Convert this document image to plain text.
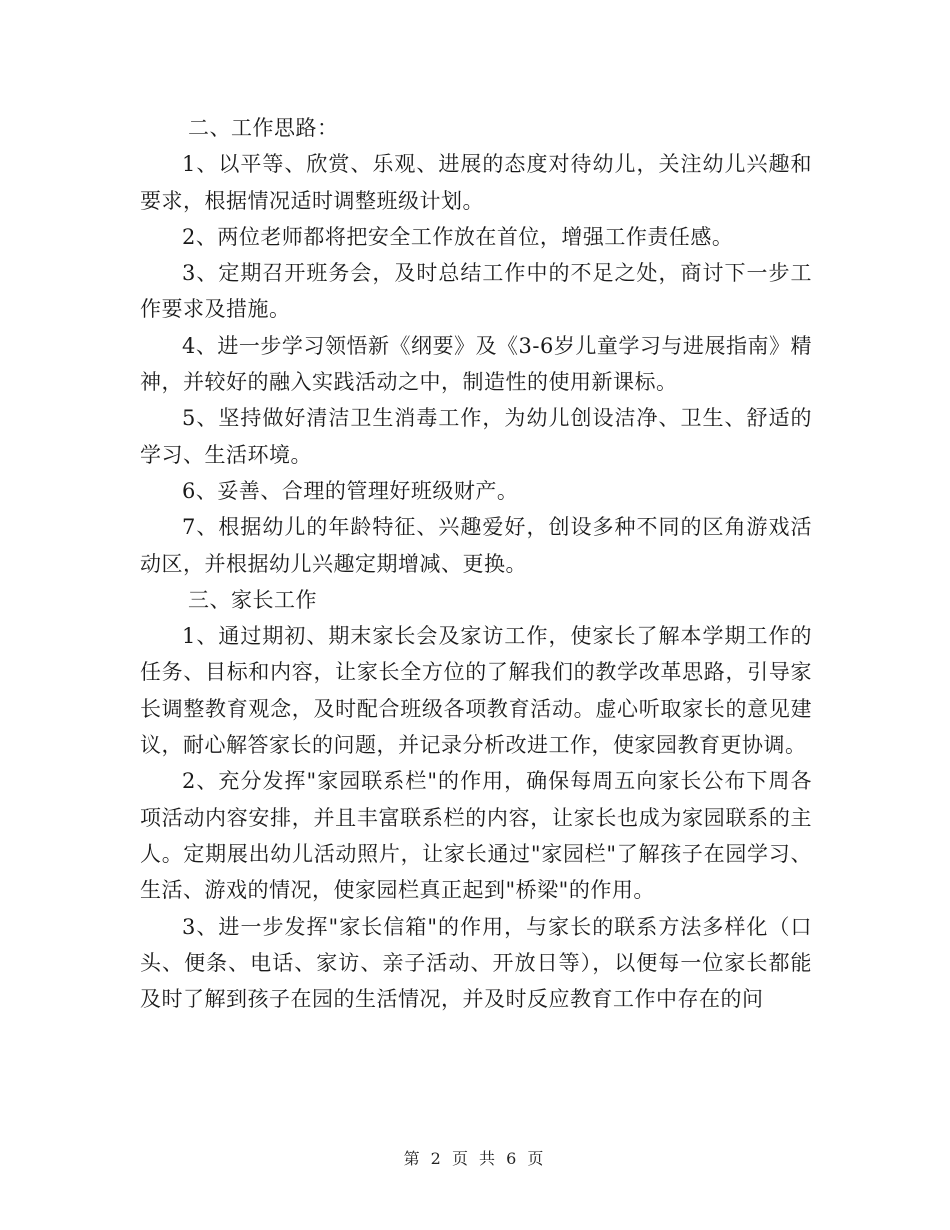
二、工作思路：

1、以平等、欣赏、乐观、进展的态度对待幼儿，关注幼儿兴趣和要求，根据情况适时调整班级计划。

2、两位老师都将把安全工作放在首位，增强工作责任感。

3、定期召开班务会，及时总结工作中的不足之处，商讨下一步工作要求及措施。

4、进一步学习领悟新《纲要》及《3-6岁儿童学习与进展指南》精神，并较好的融入实践活动之中，制造性的使用新课标。

5、坚持做好清洁卫生消毒工作，为幼儿创设洁净、卫生、舒适的学习、生活环境。

6、妥善、合理的管理好班级财产。

7、根据幼儿的年龄特征、兴趣爱好，创设多种不同的区角游戏活动区，并根据幼儿兴趣定期增减、更换。

三、家长工作

1、通过期初、期末家长会及家访工作，使家长了解本学期工作的任务、目标和内容，让家长全方位的了解我们的教学改革思路，引导家长调整教育观念，及时配合班级各项教育活动。虚心听取家长的意见建议，耐心解答家长的问题，并记录分析改进工作，使家园教育更协调。

2、充分发挥"家园联系栏"的作用，确保每周五向家长公布下周各项活动内容安排，并且丰富联系栏的内容，让家长也成为家园联系的主人。定期展出幼儿活动照片，让家长通过"家园栏"了解孩子在园学习、生活、游戏的情况，使家园栏真正起到"桥梁"的作用。

3、进一步发挥"家长信箱"的作用，与家长的联系方法多样化（口头、便条、电话、家访、亲子活动、开放日等），以便每一位家长都能及时了解到孩子在园的生活情况，并及时反应教育工作中存在的问

第 2 页 共 6 页
